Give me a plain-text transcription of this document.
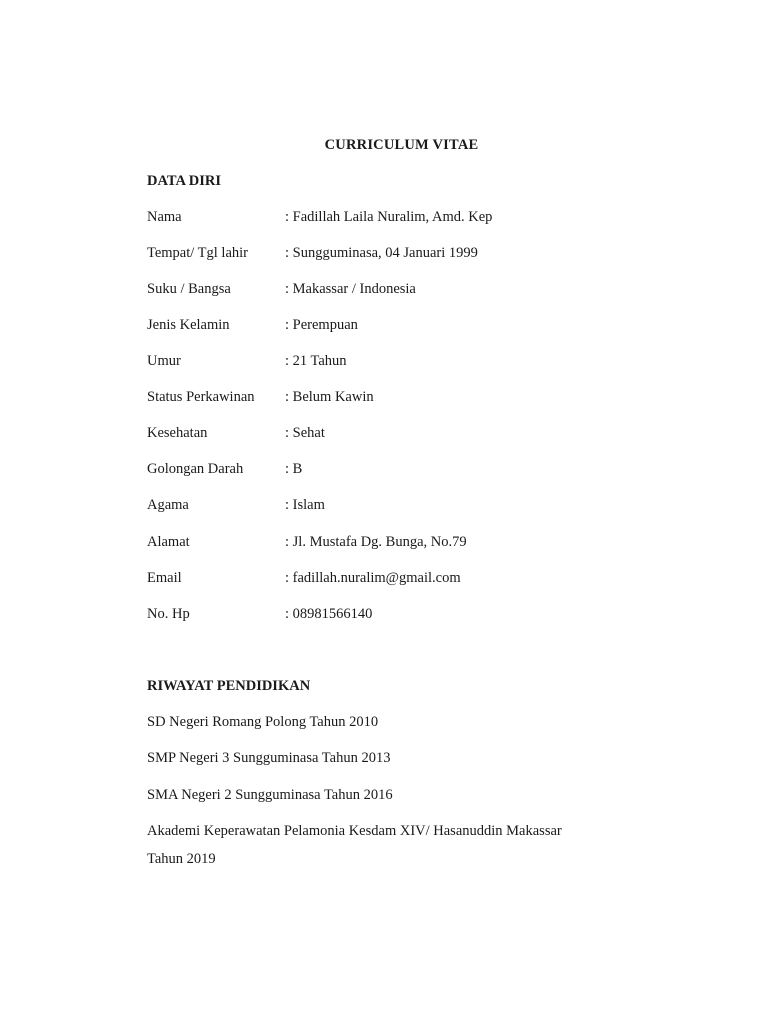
CURRICULUM VITAE
DATA DIRI
Nama	: Fadillah Laila Nuralim, Amd. Kep
Tempat/ Tgl lahir	: Sungguminasa, 04 Januari 1999
Suku / Bangsa	: Makassar / Indonesia
Jenis Kelamin	: Perempuan
Umur	: 21 Tahun
Status Perkawinan : Belum Kawin
Kesehatan	: Sehat
Golongan Darah	: B
Agama	: Islam
Alamat	: Jl. Mustafa Dg. Bunga, No.79
Email	: fadillah.nuralim@gmail.com
No. Hp	: 08981566140
RIWAYAT PENDIDIKAN
SD Negeri Romang Polong Tahun 2010
SMP Negeri 3 Sungguminasa Tahun 2013
SMA Negeri 2 Sungguminasa Tahun 2016
Akademi Keperawatan Pelamonia Kesdam XIV/ Hasanuddin Makassar
Tahun 2019
